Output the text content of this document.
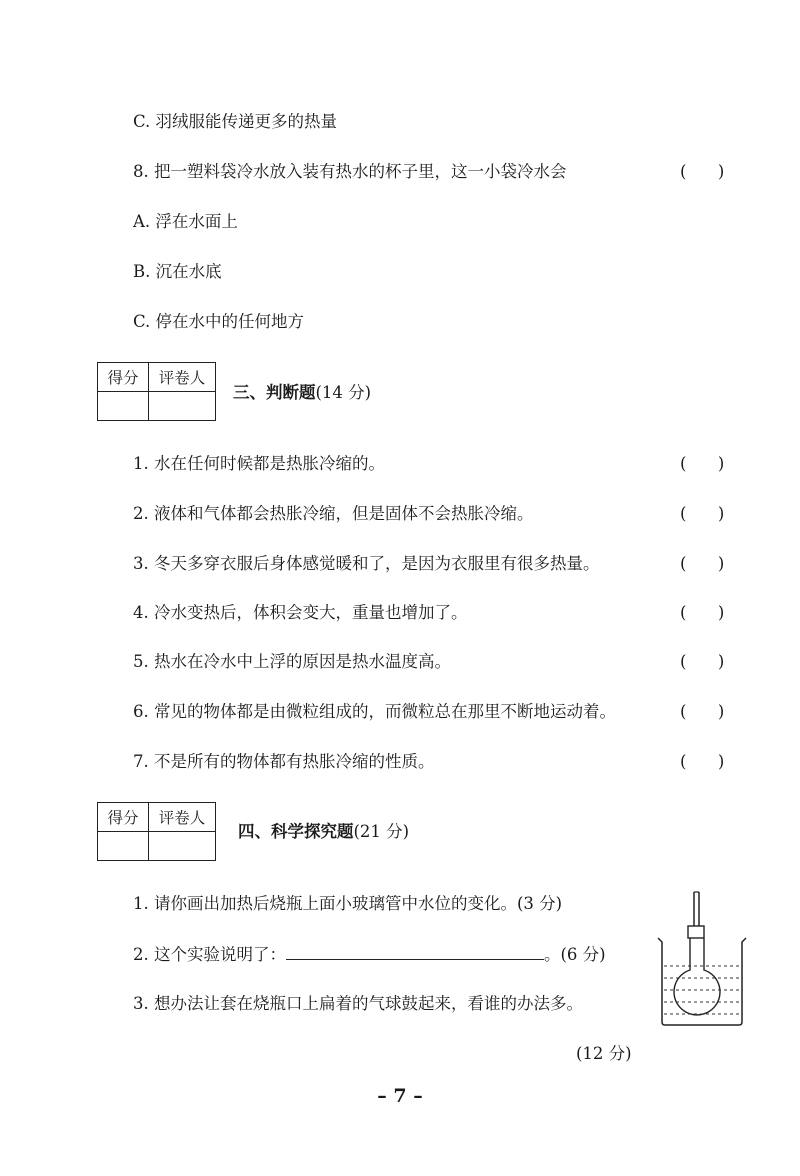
C. 羽绒服能传递更多的热量
8. 把一塑料袋冷水放入装有热水的杯子里，这一小袋冷水会	(      )
A. 浮在水面上
B. 沉在水底
C. 停在水中的任何地方
得分	评卷人

三、判断题(14 分)
1. 水在任何时候都是热胀冷缩的。	(      )
2. 液体和气体都会热胀冷缩，但是固体不会热胀冷缩。	(      )
3. 冬天多穿衣服后身体感觉暖和了，是因为衣服里有很多热量。	(      )
4. 冷水变热后，体积会变大，重量也增加了。	(      )
5. 热水在冷水中上浮的原因是热水温度高。	(      )
6. 常见的物体都是由微粒组成的，而微粒总在那里不断地运动着。	(      )
7. 不是所有的物体都有热胀冷缩的性质。	(      )
得分	评卷人

四、科学探究题(21 分)
1. 请你画出加热后烧瓶上面小玻璃管中水位的变化。(3 分)
2. 这个实验说明了：	。(6 分)
3. 想办法让套在烧瓶口上扁着的气球鼓起来，看谁的办法多。
(12 分)
– 7 –
